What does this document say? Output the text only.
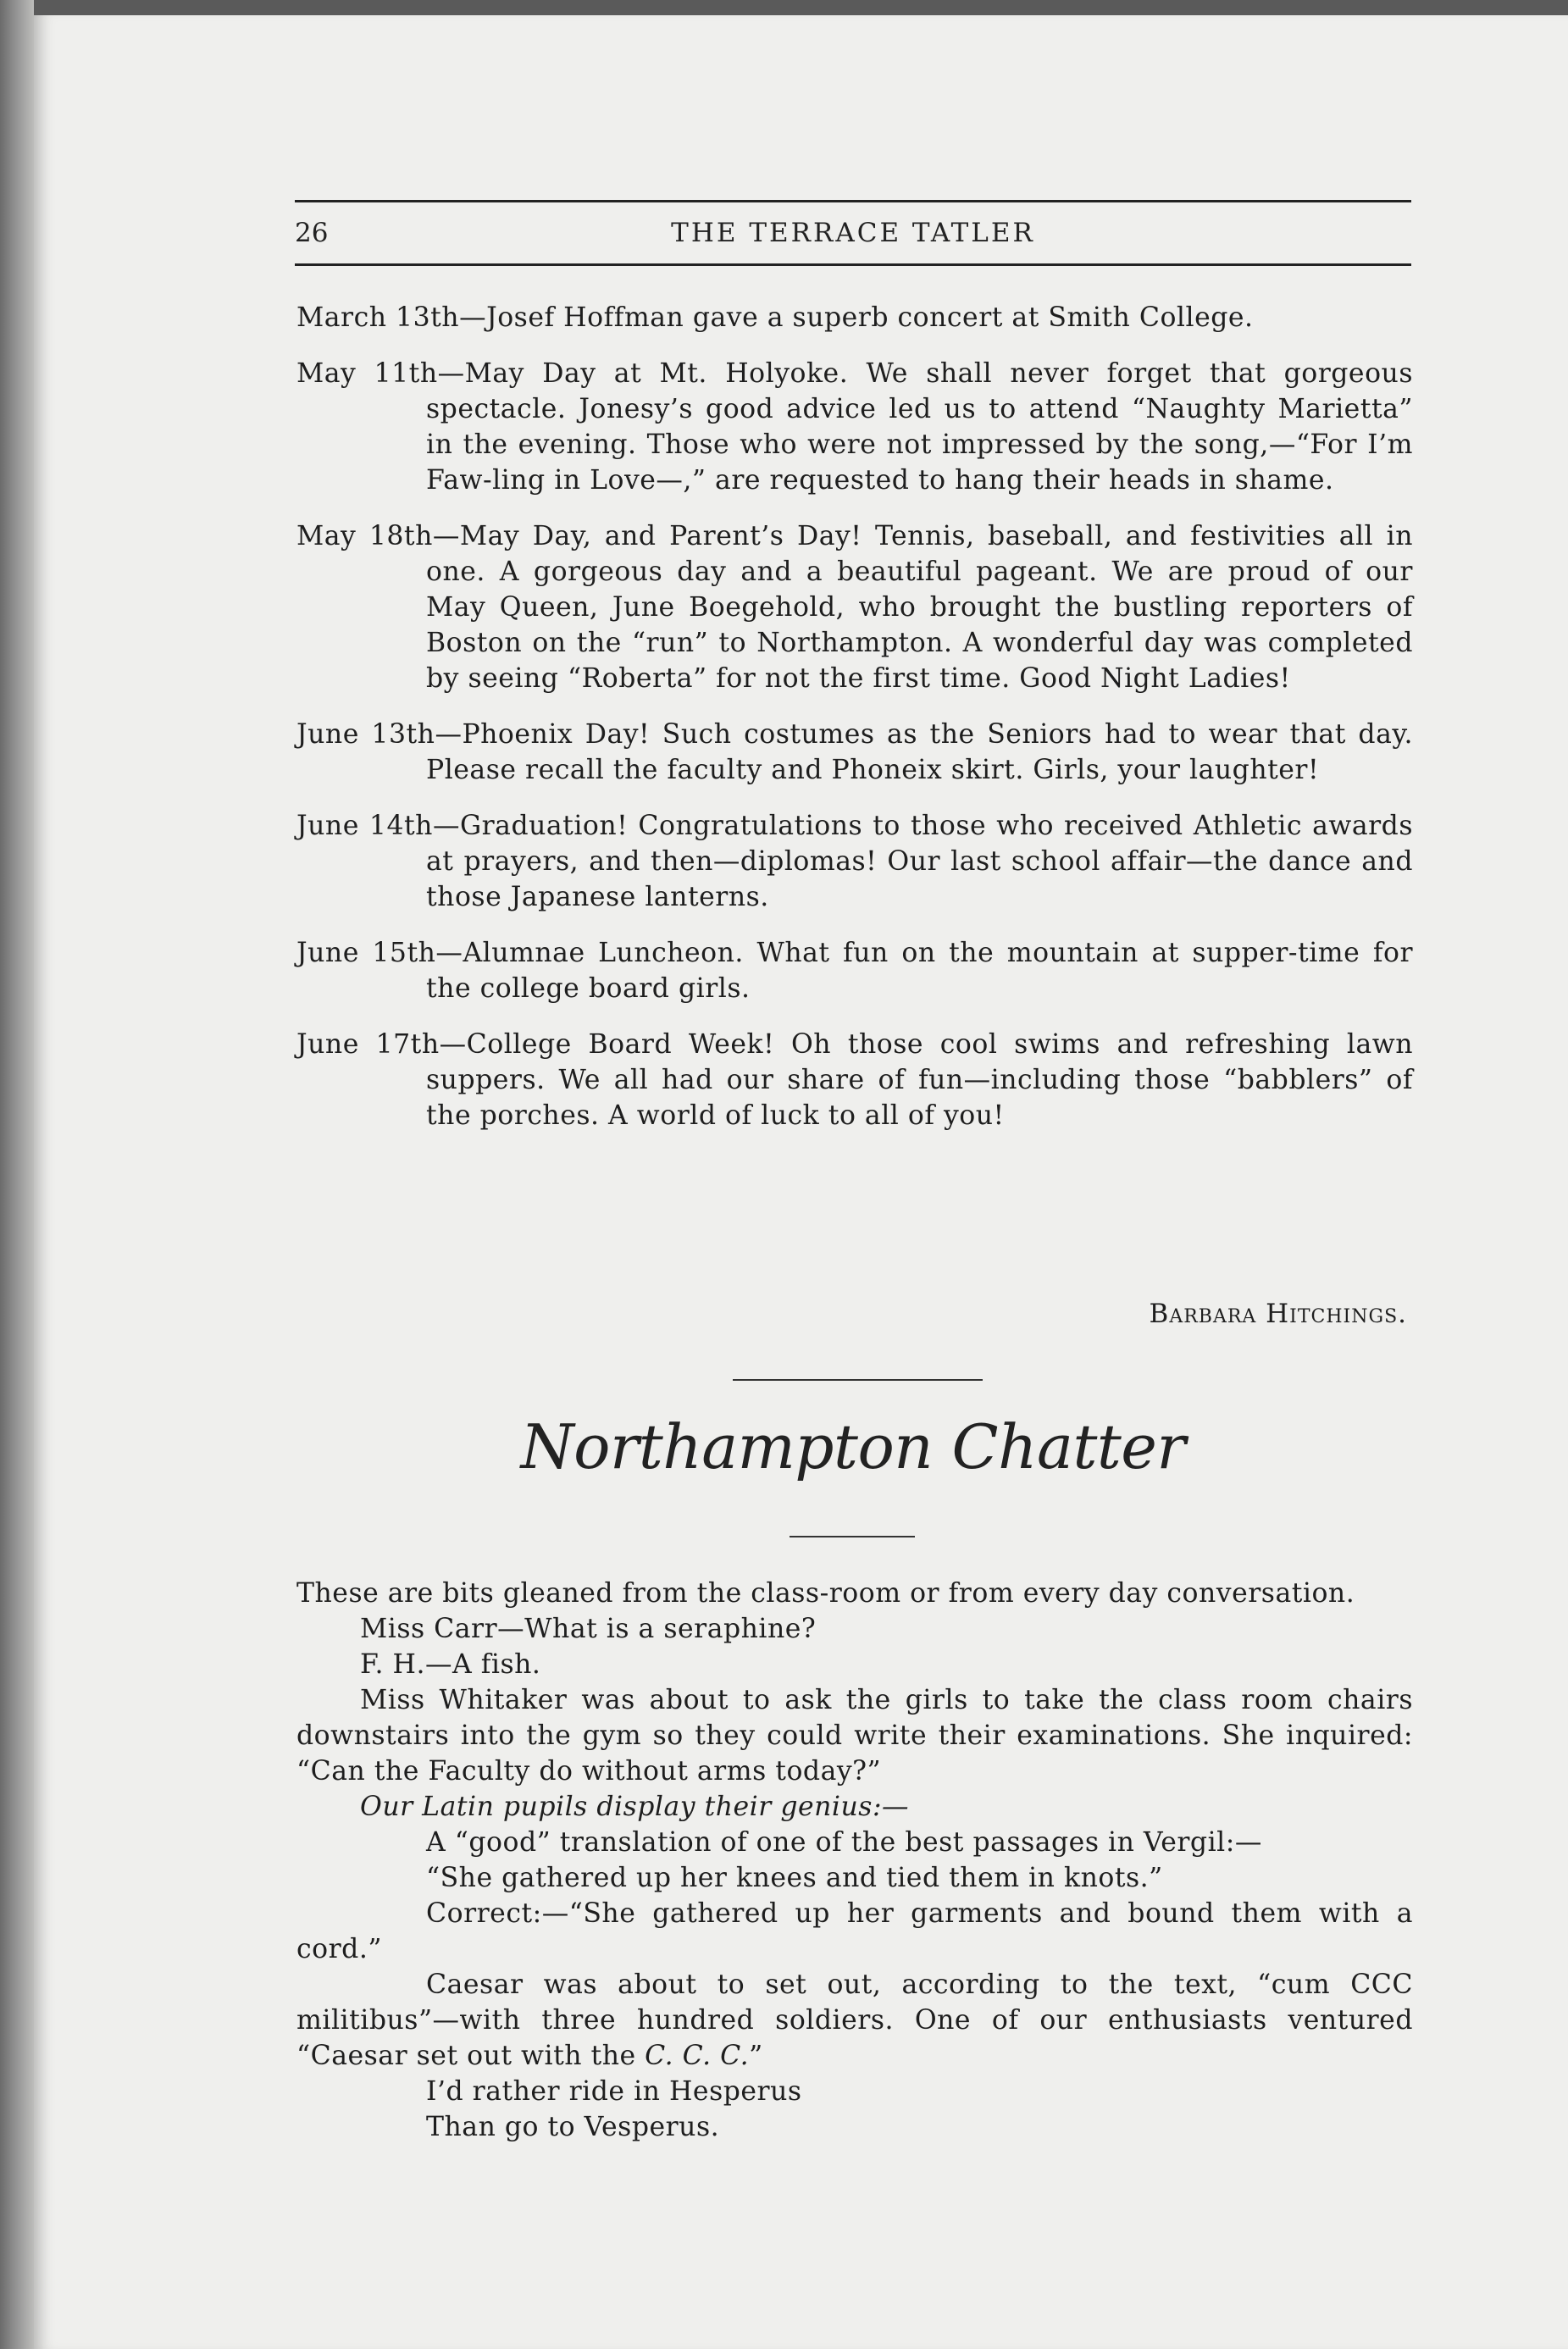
26	THE TERRACE TATLER
March 13th—Josef Hoffman gave a superb concert at Smith College.
May 11th—May Day at Mt. Holyoke. We shall never forget that gorgeous spectacle. Jonesy’s good advice led us to attend “Naughty Marietta” in the evening. Those who were not impressed by the song,—“For I’m Faw-ling in Love—,” are requested to hang their heads in shame.
May 18th—May Day, and Parent’s Day! Tennis, baseball, and festivities all in one. A gorgeous day and a beautiful pageant. We are proud of our May Queen, June Boegehold, who brought the bustling reporters of Boston on the “run” to Northampton. A wonderful day was completed by seeing “Roberta” for not the first time. Good Night Ladies!
June 13th—Phoenix Day! Such costumes as the Seniors had to wear that day. Please recall the faculty and Phoneix skirt. Girls, your laughter!
June 14th—Graduation! Congratulations to those who received Athletic awards at prayers, and then—diplomas! Our last school affair—the dance and those Japanese lanterns.
June 15th—Alumnae Luncheon. What fun on the mountain at supper-time for the college board girls.
June 17th—College Board Week! Oh those cool swims and refreshing lawn suppers. We all had our share of fun—including those “babblers” of the porches. A world of luck to all of you!
Barbara Hitchings.
Northampton Chatter

These are bits gleaned from the class-room or from every day conversation.

Miss Carr—What is a seraphine?

F. H.—A fish.

Miss Whitaker was about to ask the girls to take the class room chairs downstairs into the gym so they could write their examinations. She inquired: “Can the Faculty do without arms today?”

Our Latin pupils display their genius:—

A “good” translation of one of the best passages in Vergil:—

“She gathered up her knees and tied them in knots.”

Correct:—“She gathered up her garments and bound them with a cord.”

Caesar was about to set out, according to the text, “cum CCC militibus”—with three hundred soldiers. One of our enthusiasts ventured “Caesar set out with the C. C. C.”

I’d rather ride in Hesperus

Than go to Vesperus.
